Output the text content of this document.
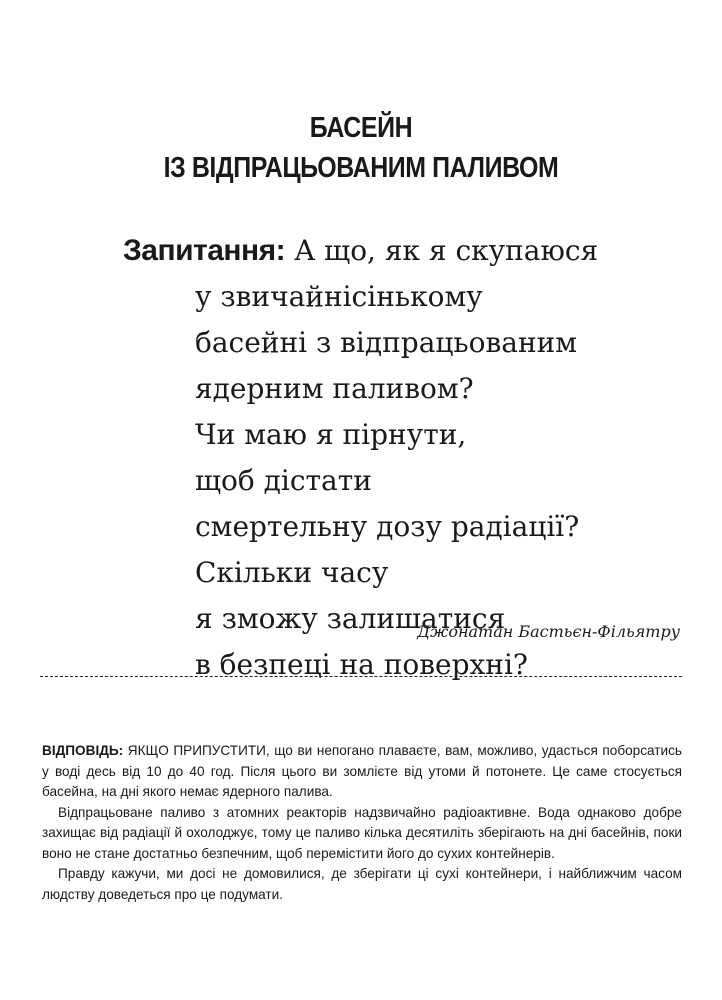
БАСЕЙН
ІЗ ВІДПРАЦЬОВАНИМ ПАЛИВОМ
Запитання: А що, як я скупаюся
у звичайнісінькому
басейні з відпрацьованим
ядерним паливом?
Чи маю я пірнути,
щоб дістати
смертельну дозу радіації?
Скільки часу
я зможу залишатися
в безпеці на поверхні?
Джонатан Бастьєн-Фільятру

ВІДПОВІДЬ: ЯКЩО ПРИПУСТИТИ, що ви непогано плаваєте, вам, можливо, удасться поборсатись у воді десь від 10 до 40 год. Після цього ви зомлієте від утоми й потонете. Це саме стосується басейна, на дні якого немає ядерного палива.

Відпрацьоване паливо з атомних реакторів надзвичайно радіоактивне. Вода однаково добре захищає від радіації й охолоджує, тому це паливо кілька десятиліть зберігають на дні басейнів, поки воно не стане достатньо безпечним, щоб перемістити його до сухих контейнерів.

Правду кажучи, ми досі не домовилися, де зберігати ці сухі контейнери, і найближчим часом людству доведеться про це подумати.
